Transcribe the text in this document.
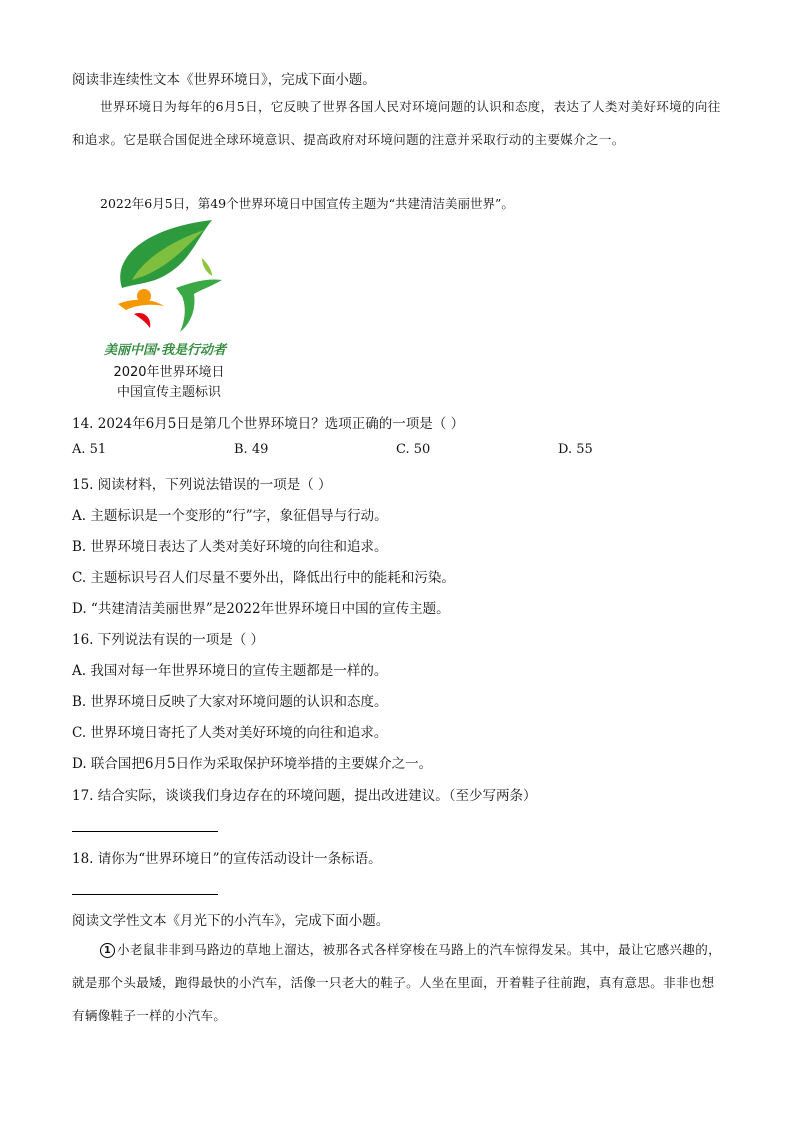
阅读非连续性文本《世界环境日》，完成下面小题。
世界环境日为每年的6月5日，它反映了世界各国人民对环境问题的认识和态度，表达了人类对美好环境的向往和追求。它是联合国促进全球环境意识、提高政府对环境问题的注意并采取行动的主要媒介之一。
2022年6月5日，第49个世界环境日中国宣传主题为“共建清洁美丽世界”。
美丽中国·我是行动者
2020年世界环境日
中国宣传主题标识
14. 2024年6月5日是第几个世界环境日？选项正确的一项是（ ）
A. 51	B. 49	C. 50	D. 55
15. 阅读材料，下列说法错误的一项是（ ）
A. 主题标识是一个变形的“行”字，象征倡导与行动。
B. 世界环境日表达了人类对美好环境的向往和追求。
C. 主题标识号召人们尽量不要外出，降低出行中的能耗和污染。
D. “共建清洁美丽世界”是2022年世界环境日中国的宣传主题。
16. 下列说法有误的一项是（ ）
A. 我国对每一年世界环境日的宣传主题都是一样的。
B. 世界环境日反映了大家对环境问题的认识和态度。
C. 世界环境日寄托了人类对美好环境的向往和追求。
D. 联合国把6月5日作为采取保护环境举措的主要媒介之一。
17. 结合实际，谈谈我们身边存在的环境问题，提出改进建议。（至少写两条）
18. 请你为“世界环境日”的宣传活动设计一条标语。
阅读文学性文本《月光下的小汽车》，完成下面小题。
1 小老鼠非非到马路边的草地上溜达，被那各式各样穿梭在马路上的汽车惊得发呆。其中，最让它感兴趣的，就是那个头最矮，跑得最快的小汽车，活像一只老大的鞋子。人坐在里面，开着鞋子往前跑，真有意思。非非也想有辆像鞋子一样的小汽车。
